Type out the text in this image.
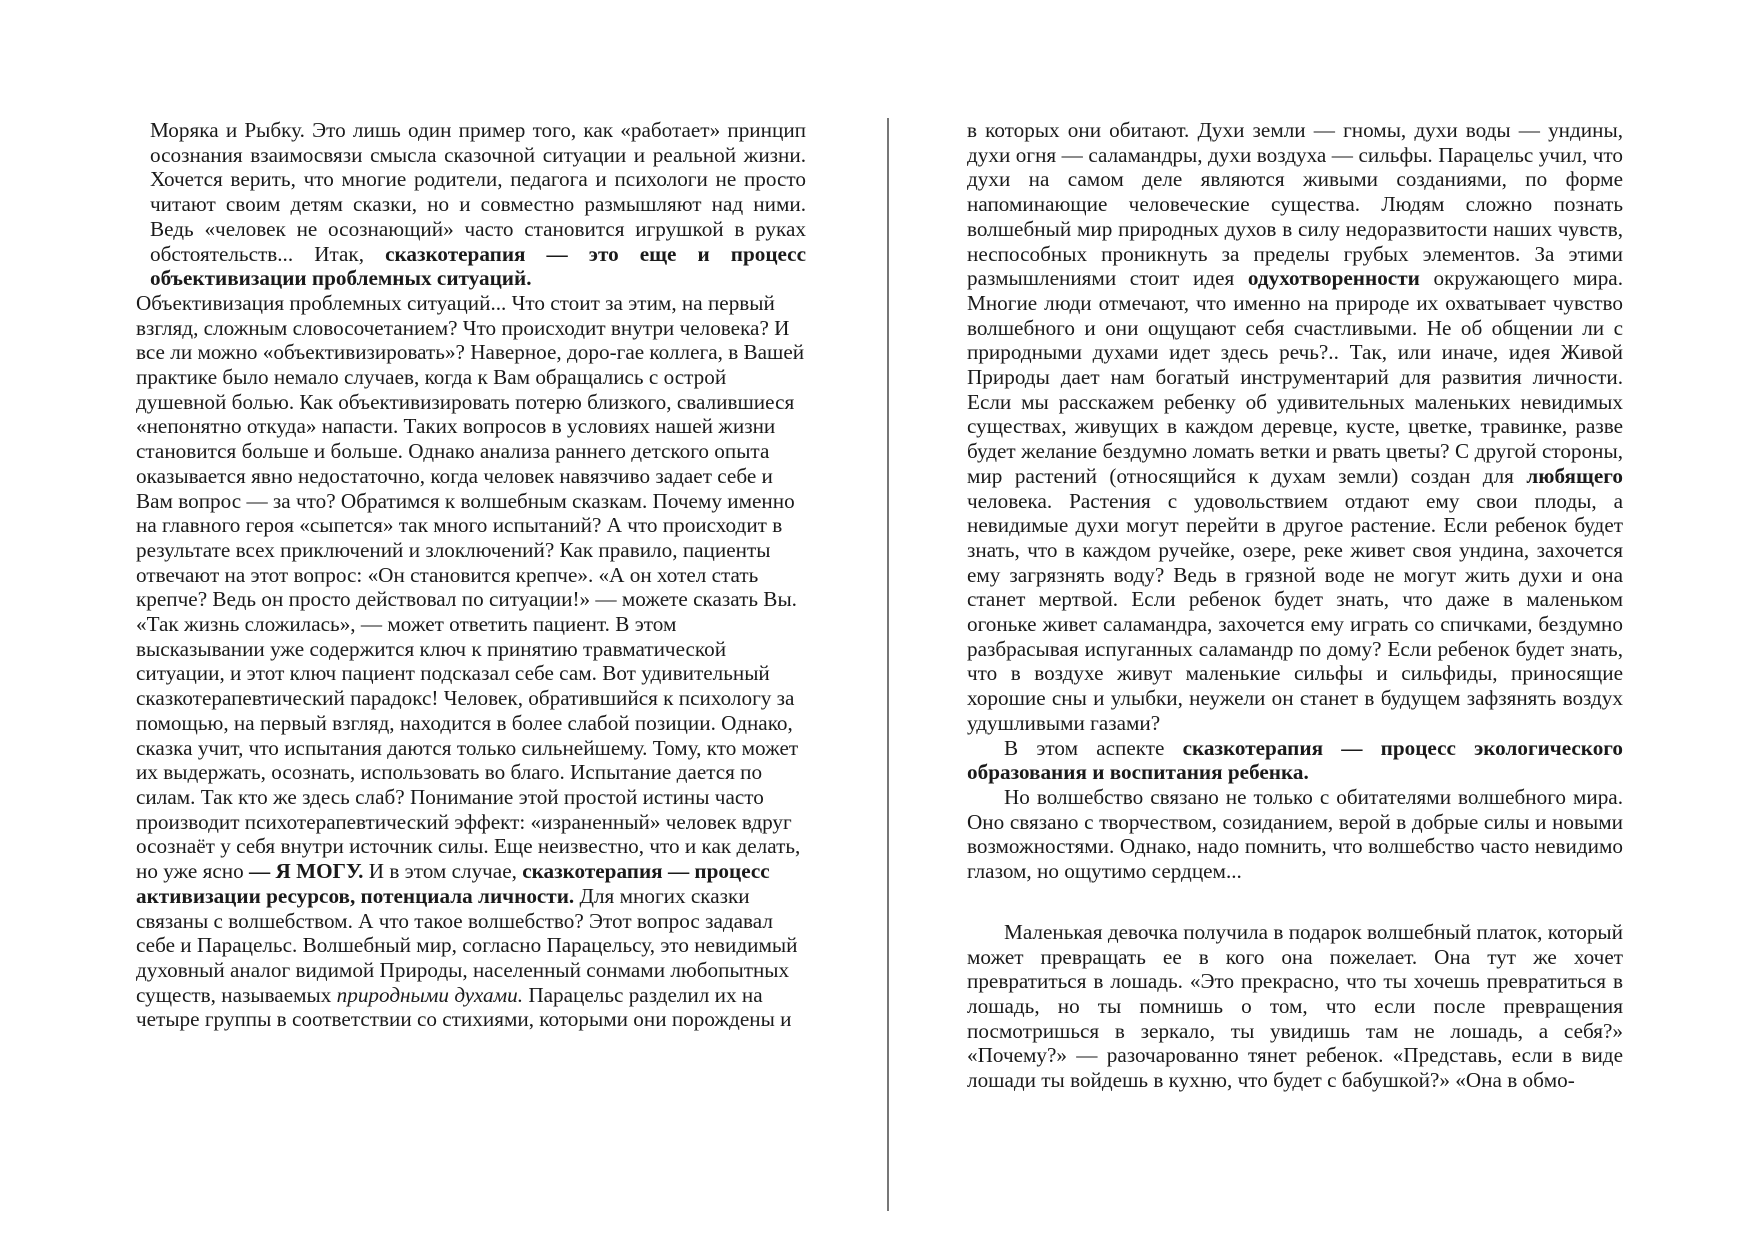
Моряка и Рыбку. Это лишь один пример того, как «работает» принцип осознания взаимосвязи смысла сказочной ситуации и реальной жизни. Хочется верить, что многие родители, педагога и психологи не просто читают своим детям сказки, но и совместно размышляют над ними. Ведь «человек не осознающий» часто становится игрушкой в руках обстоятельств... Итак, сказкотерапия — это еще и процесс объективизации проблемных ситуаций.

Объективизация проблемных ситуаций... Что стоит за этим, на первый взгляд, сложным словосочетанием? Что происходит внутри человека? И все ли можно «объективизировать»? Наверное, доро-гае коллега, в Вашей практике было немало случаев, когда к Вам обращались с острой душевной болью. Как объективизировать потерю близкого, свалившиеся «непонятно откуда» напасти. Таких вопросов в условиях нашей жизни становится больше и больше. Однако анализа раннего детского опыта оказывается явно недостаточно, когда человек навязчиво задает себе и Вам вопрос — за что? Обратимся к волшебным сказкам. Почему именно на главного героя «сыпется» так много испытаний? А что происходит в результате всех приключений и злоключений? Как правило, пациенты отвечают на этот вопрос: «Он становится крепче». «А он хотел стать крепче? Ведь он просто действовал по ситуации!» — можете сказать Вы. «Так жизнь сложилась», — может ответить пациент. В этом высказывании уже содержится ключ к принятию травматической ситуации, и этот ключ пациент подсказал себе сам. Вот удивительный сказкотерапевтический парадокс! Человек, обратившийся к психологу за помощью, на первый взгляд, находится в более слабой позиции. Однако, сказка учит, что испытания даются только сильнейшему. Тому, кто может их выдержать, осознать, использовать во благо. Испытание дается по силам. Так кто же здесь слаб? Понимание этой простой истины часто производит психотерапевтический эффект: «израненный» человек вдруг осознаёт у себя внутри источник силы. Еще неизвестно, что и как делать, но уже ясно — Я МОГУ. И в этом случае, сказкотерапия — процесс активизации ресурсов, потенциала личности. Для многих сказки связаны с волшебством. А что такое волшебство? Этот вопрос задавал себе и Парацельс. Волшебный мир, согласно Парацельсу, это невидимый духовный аналог видимой Природы, населенный сонмами любопытных существ, называемых природными духами. Парацельс разделил их на четыре группы в соответствии со стихиями, которыми они порождены и

в которых они обитают. Духи земли — гномы, духи воды — ундины, духи огня — саламандры, духи воздуха — сильфы. Парацельс учил, что духи на самом деле являются живыми созданиями, по форме напоминающие человеческие существа. Людям сложно познать волшебный мир природных духов в силу недоразвитости наших чувств, неспособных проникнуть за пределы грубых элементов. За этими размышлениями стоит идея одухотворенности окружающего мира. Многие люди отмечают, что именно на природе их охватывает чувство волшебного и они ощущают себя счастливыми. Не об общении ли с природными духами идет здесь речь?.. Так, или иначе, идея Живой Природы дает нам богатый инструментарий для развития личности. Если мы расскажем ребенку об удивительных маленьких невидимых существах, живущих в каждом деревце, кусте, цветке, травинке, разве будет желание бездумно ломать ветки и рвать цветы? С другой стороны, мир растений (относящийся к духам земли) создан для любящего человека. Растения с удовольствием отдают ему свои плоды, а невидимые духи могут перейти в другое растение. Если ребенок будет знать, что в каждом ручейке, озере, реке живет своя ундина, захочется ему загрязнять воду? Ведь в грязной воде не могут жить духи и она станет мертвой. Если ребенок будет знать, что даже в маленьком огоньке живет саламандра, захочется ему играть со спичками, бездумно разбрасывая испуганных саламандр по дому? Если ребенок будет знать, что в воздухе живут маленькие сильфы и сильфиды, приносящие хорошие сны и улыбки, неужели он станет в будущем зафзянять воздух удушливыми газами?

В этом аспекте сказкотерапия — процесс экологического образования и воспитания ребенка.

Но волшебство связано не только с обитателями волшебного мира. Оно связано с творчеством, созиданием, верой в добрые силы и новыми возможностями. Однако, надо помнить, что волшебство часто невидимо глазом, но ощутимо сердцем...

Маленькая девочка получила в подарок волшебный платок, который может превращать ее в кого она пожелает. Она тут же хочет превратиться в лошадь. «Это прекрасно, что ты хочешь превратиться в лошадь, но ты помнишь о том, что если после превращения посмотришься в зеркало, ты увидишь там не лошадь, а себя?» «Почему?» — разочарованно тянет ребенок. «Представь, если в виде лошади ты войдешь в кухню, что будет с бабушкой?» «Она в обмо-
